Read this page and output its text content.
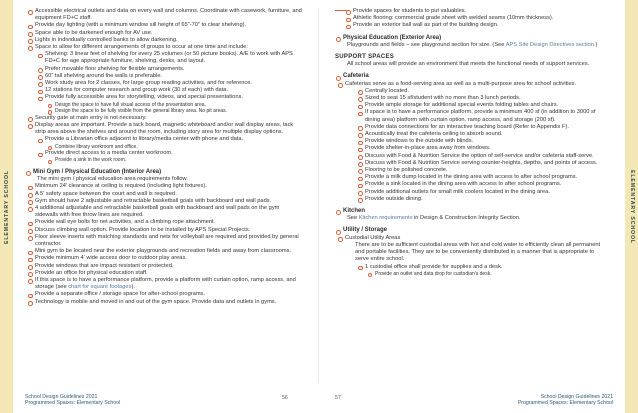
ELEMENTARY SCHOOL	ELEMENTARY SCHOOL
Accessible electrical outlets and data on every wall and columns. Coordinate with casework, furniture, and equipment FD+C staff.
Provide day lighting (with a minimum window sill height of 65"-70" to clear shelving).
Space able to be darkened enough for AV use.
Lights in individually controlled banks to allow darkening.
Space to allow for different arrangements of groups to occur at one time and include:
Shelving: 3 linear feet of shelving for every 25 volumes (or 50 picture books). A/E to work with APS FD+C for age appropriate furniture, shelving, desks, and layout.
Prefer movable floor shelving for flexible arrangements.
60" tall shelving around the walls is preferable.
Work study area for 2 classes, for large group reading activities, and for reference.
12 stations for computer research and group work (30 sf each) with data.
Provide fully accessible area for storytelling, videos, and special presentations.
Design the space to have full visual access of the presentation area.
Design the space to be fully visible from the general library area. No pit areas.
Security gate at main entry is not necessary.
Display areas are important. Provide a tack board, magnetic whiteboard and/or wall display areas, tack strip area above the shelves and around the room, including story area for multiple display options.
Provide a Librarian office adjacent to library/media center with phone and data.
Combine library workroom and office.
Provide direct access to a media center workroom.
Provide a sink in the work room.
Mini Gym / Physical Education (Interior Area)
The mini gym / physical education area requirements follow.
Minimum 24' clearance at ceiling is required (including light fixtures).
A 5' safety space between the court and wall is required.
Gym should have 2 adjustable and retractable basketball goals with backboard and wall pads.
4 additional adjustable and retractable basketball goals with backboard and wall pads on the gym sidewalls with free throw lines are required.
Provide wall eye bolts for net activities, and a climbing rope attachment.
Discuss climbing wall option. Provide location to be installed by APS Special Projects.
Floor sleeve inserts with matching standards and nets for volleyball are required and provided by general contractor.
Mini gym to be located near the exterior playgrounds and recreation fields and away from classrooms.
Provide minimum 4' wide access door to outdoor play areas.
Provide windows that are impact resistant or protected.
Provide an office for physical education staff.
If this space is to have a performance platform, provide a platform with curtain option, ramp access, and storage (see chart for square footages).
Provide a separate office / storage space for after-school programs.
Technology is mobile and moved in and out of the gym space. Provide data and outlets in gyms.
Provide spaces for students to put valuables.
Athletic flooring: commercial grade sheet with welded seams (10mm thickness).
Provide an exterior ball wall as part of the building design.
Physical Education (Exterior Area)
Playgrounds and fields – see playground section for size. (See APS Site Design Directives section.)
SUPPORT SPACES
All school areas will provide an environment that meets the functional needs of support services.
Cafeteria
Cafeterias serve as a food-serving area as well as a multi-purpose area for school activities.
Centrally located.
Sized to seat 15 sf/student with no more than 3 lunch periods.
Provide ample storage for additional special events folding tables and chairs.
If space is to have a performance platform, provide a minimum 400 sf (in addition to 3000 sf dining area) platform with curtain option, ramp access, and storage (200 sf).
Provide data connections for an interactive teaching board (Refer to Appendix F).
Acoustically treat the cafeteria ceiling to absorb sound.
Provide windows to the outside with blinds.
Provide shelter-in-place area away from windows.
Discuss with Food & Nutrition Service the option of self-service and/or cafeteria staff-serve.
Discuss with Food & Nutrition Service serving counter-heights, depths, and points of access.
Flooring to be polished concrete.
Provide a milk dump located in the dining area with access to after school programs.
Provide a sink located in the dining area with access to after school programs.
Provide additional outlets for small milk coolers located in the dining area.
Provide outside dining.
Kitchen
See Kitchen requirements in Design & Construction Integrity Section.
Utility / Storage
Custodial Utility Areas
There are to be sufficient custodial areas with hot and cold water to efficiently clean all permanent and portable facilities. They are to be conveniently distributed in a manner that is appropriate to serve entire school.
1 custodial office shall provide for supplies and a desk.
Provide an outlet and data drop for custodian's desk.
56	57
School Design Guidelines 2021
Programmed Spaces: Elementary School
School Design Guidelines 2021
Programmed Spaces: Elementary School
